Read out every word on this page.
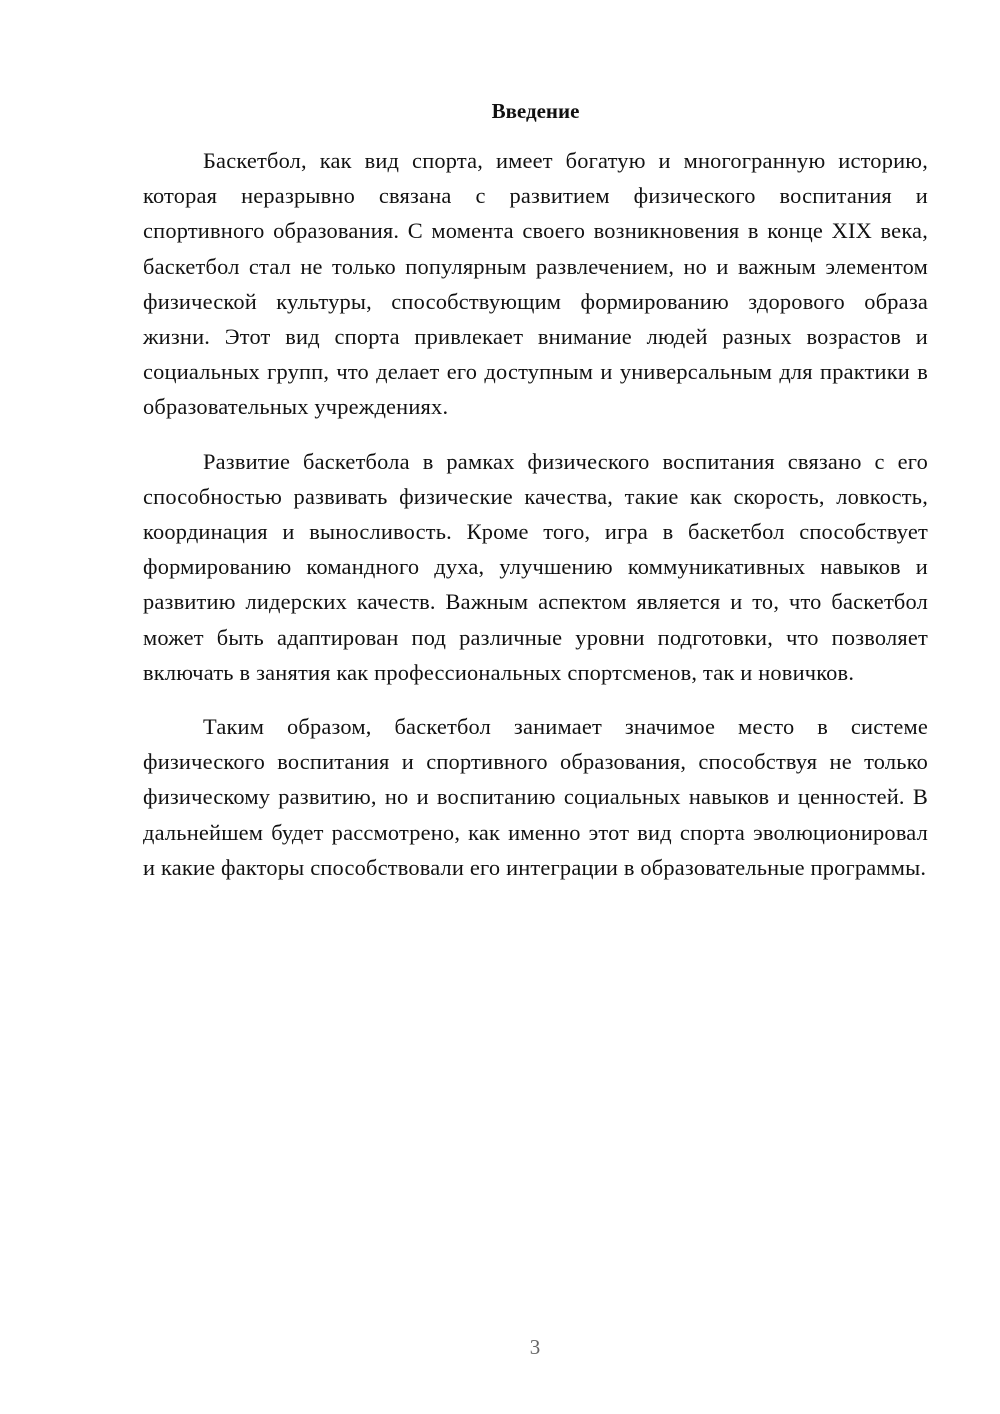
Введение

Баскетбол, как вид спорта, имеет богатую и многогранную историю, которая неразрывно связана с развитием физического воспитания и спортивного образования. С момента своего возникновения в конце XIX века, баскетбол стал не только популярным развлечением, но и важным элементом физической культуры, способствующим формированию здорового образа жизни. Этот вид спорта привлекает внимание людей разных возрастов и социальных групп, что делает его доступным и универсальным для практики в образовательных учреждениях.

Развитие баскетбола в рамках физического воспитания связано с его способностью развивать физические качества, такие как скорость, ловкость, координация и выносливость. Кроме того, игра в баскетбол способствует формированию командного духа, улучшению коммуникативных навыков и развитию лидерских качеств. Важным аспектом является и то, что баскетбол может быть адаптирован под различные уровни подготовки, что позволяет включать в занятия как профессиональных спортсменов, так и новичков.

Таким образом, баскетбол занимает значимое место в системе физического воспитания и спортивного образования, способствуя не только физическому развитию, но и воспитанию социальных навыков и ценностей. В дальнейшем будет рассмотрено, как именно этот вид спорта эволюционировал и какие факторы способствовали его интеграции в образовательные программы.

3
